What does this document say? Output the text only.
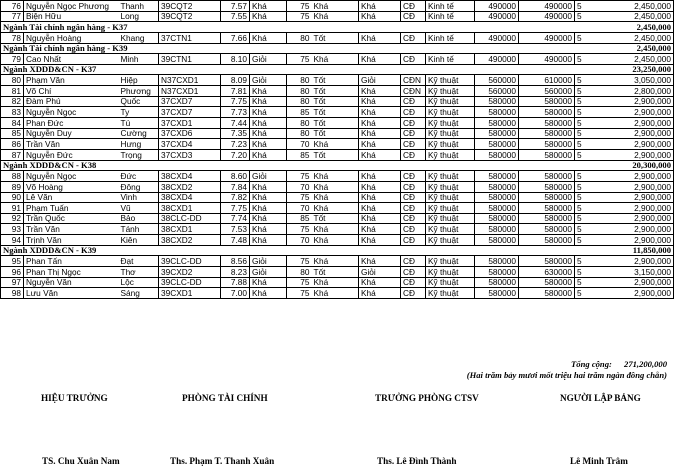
76	Nguyễn Ngọc Phương	Thanh	39CQT2	7.57	Khá	75	Khá	Khá	CĐ	Kinh tế	490000	490000	5	2,450,000
77	Biện Hữu	Long	39CQT2	7.55	Khá	75	Khá	Khá	CĐ	Kinh tế	490000	490000	5	2,450,000
Ngành Tài chính ngân hàng - K37														2,450,000
78	Nguyễn Hoàng	Khang	37CTN1	7.66	Khá	80	Tốt	Khá	CĐ	Kinh tế	490000	490000	5	2,450,000
Ngành Tài chính ngân hàng - K39														2,450,000
79	Cao Nhất	Minh	39CTN1	8.10	Giỏi	75	Khá	Khá	CĐ	Kinh tế	490000	490000	5	2,450,000
Ngành XDDD&CN - K37														23,250,000
80	Phạm Văn	Hiệp	N37CXD1	8.09	Giỏi	80	Tốt	Giỏi	CĐN	Kỹ thuật	560000	610000	5	3,050,000
81	Võ Chí	Phương	N37CXD1	7.81	Khá	80	Tốt	Khá	CĐN	Kỹ thuật	560000	560000	5	2,800,000
82	Đàm Phú	Quốc	37CXD7	7.75	Khá	80	Tốt	Khá	CĐ	Kỹ thuật	580000	580000	5	2,900,000
83	Nguyễn Ngọc	Ty	37CXD7	7.73	Khá	85	Tốt	Khá	CĐ	Kỹ thuật	580000	580000	5	2,900,000
84	Phan Đức	Tú	37CXD1	7.44	Khá	80	Tốt	Khá	CĐ	Kỹ thuật	580000	580000	5	2,900,000
85	Nguyễn Duy	Cường	37CXD6	7.35	Khá	80	Tốt	Khá	CĐ	Kỹ thuật	580000	580000	5	2,900,000
86	Trần Văn	Hưng	37CXD4	7.23	Khá	70	Khá	Khá	CĐ	Kỹ thuật	580000	580000	5	2,900,000
87	Nguyễn Đức	Trọng	37CXD3	7.20	Khá	85	Tốt	Khá	CĐ	Kỹ thuật	580000	580000	5	2,900,000
Ngành XDDD&CN - K38														20,300,000
88	Nguyễn Ngọc	Đức	38CXD4	8.60	Giỏi	75	Khá	Khá	CĐ	Kỹ thuật	580000	580000	5	2,900,000
89	Võ Hoàng	Đông	38CXD2	7.84	Khá	70	Khá	Khá	CĐ	Kỹ thuật	580000	580000	5	2,900,000
90	Lê Văn	Vinh	38CXD4	7.82	Khá	75	Khá	Khá	CĐ	Kỹ thuật	580000	580000	5	2,900,000
91	Phạm Tuấn	Vũ	38CXD1	7.75	Khá	70	Khá	Khá	CĐ	Kỹ thuật	580000	580000	5	2,900,000
92	Trần Quốc	Bảo	38CLC-DD	7.74	Khá	85	Tốt	Khá	CĐ	Kỹ thuật	580000	580000	5	2,900,000
93	Trần Văn	Tánh	38CXD1	7.53	Khá	75	Khá	Khá	CĐ	Kỹ thuật	580000	580000	5	2,900,000
94	Trịnh Văn	Kiên	38CXD2	7.48	Khá	70	Khá	Khá	CĐ	Kỹ thuật	580000	580000	5	2,900,000
Ngành XDDD&CN - K39														11,850,000
95	Phan Tấn	Đạt	39CLC-DD	8.56	Giỏi	75	Khá	Khá	CĐ	Kỹ thuật	580000	580000	5	2,900,000
96	Phan Thị Ngọc	Thơ	39CXD2	8.23	Giỏi	80	Tốt	Giỏi	CĐ	Kỹ thuật	580000	630000	5	3,150,000
97	Nguyễn Văn	Lộc	39CLC-DD	7.88	Khá	75	Khá	Khá	CĐ	Kỹ thuật	580000	580000	5	2,900,000
98	Lưu Văn	Sáng	39CXD1	7.00	Khá	75	Khá	Khá	CĐ	Kỹ thuật	580000	580000	5	2,900,000
Tổng cộng: 271,200,000
(Hai trăm bảy mươi mốt triệu hai trăm ngàn đồng chẵn)
HIỆU TRƯỞNG	PHÒNG TÀI CHÍNH	TRƯỞNG PHÒNG CTSV	NGƯỜI LẬP BẢNG
TS. Chu Xuân Nam	Ths. Phạm T. Thanh Xuân	Ths. Lê Đình Thành	Lê Minh Trâm
